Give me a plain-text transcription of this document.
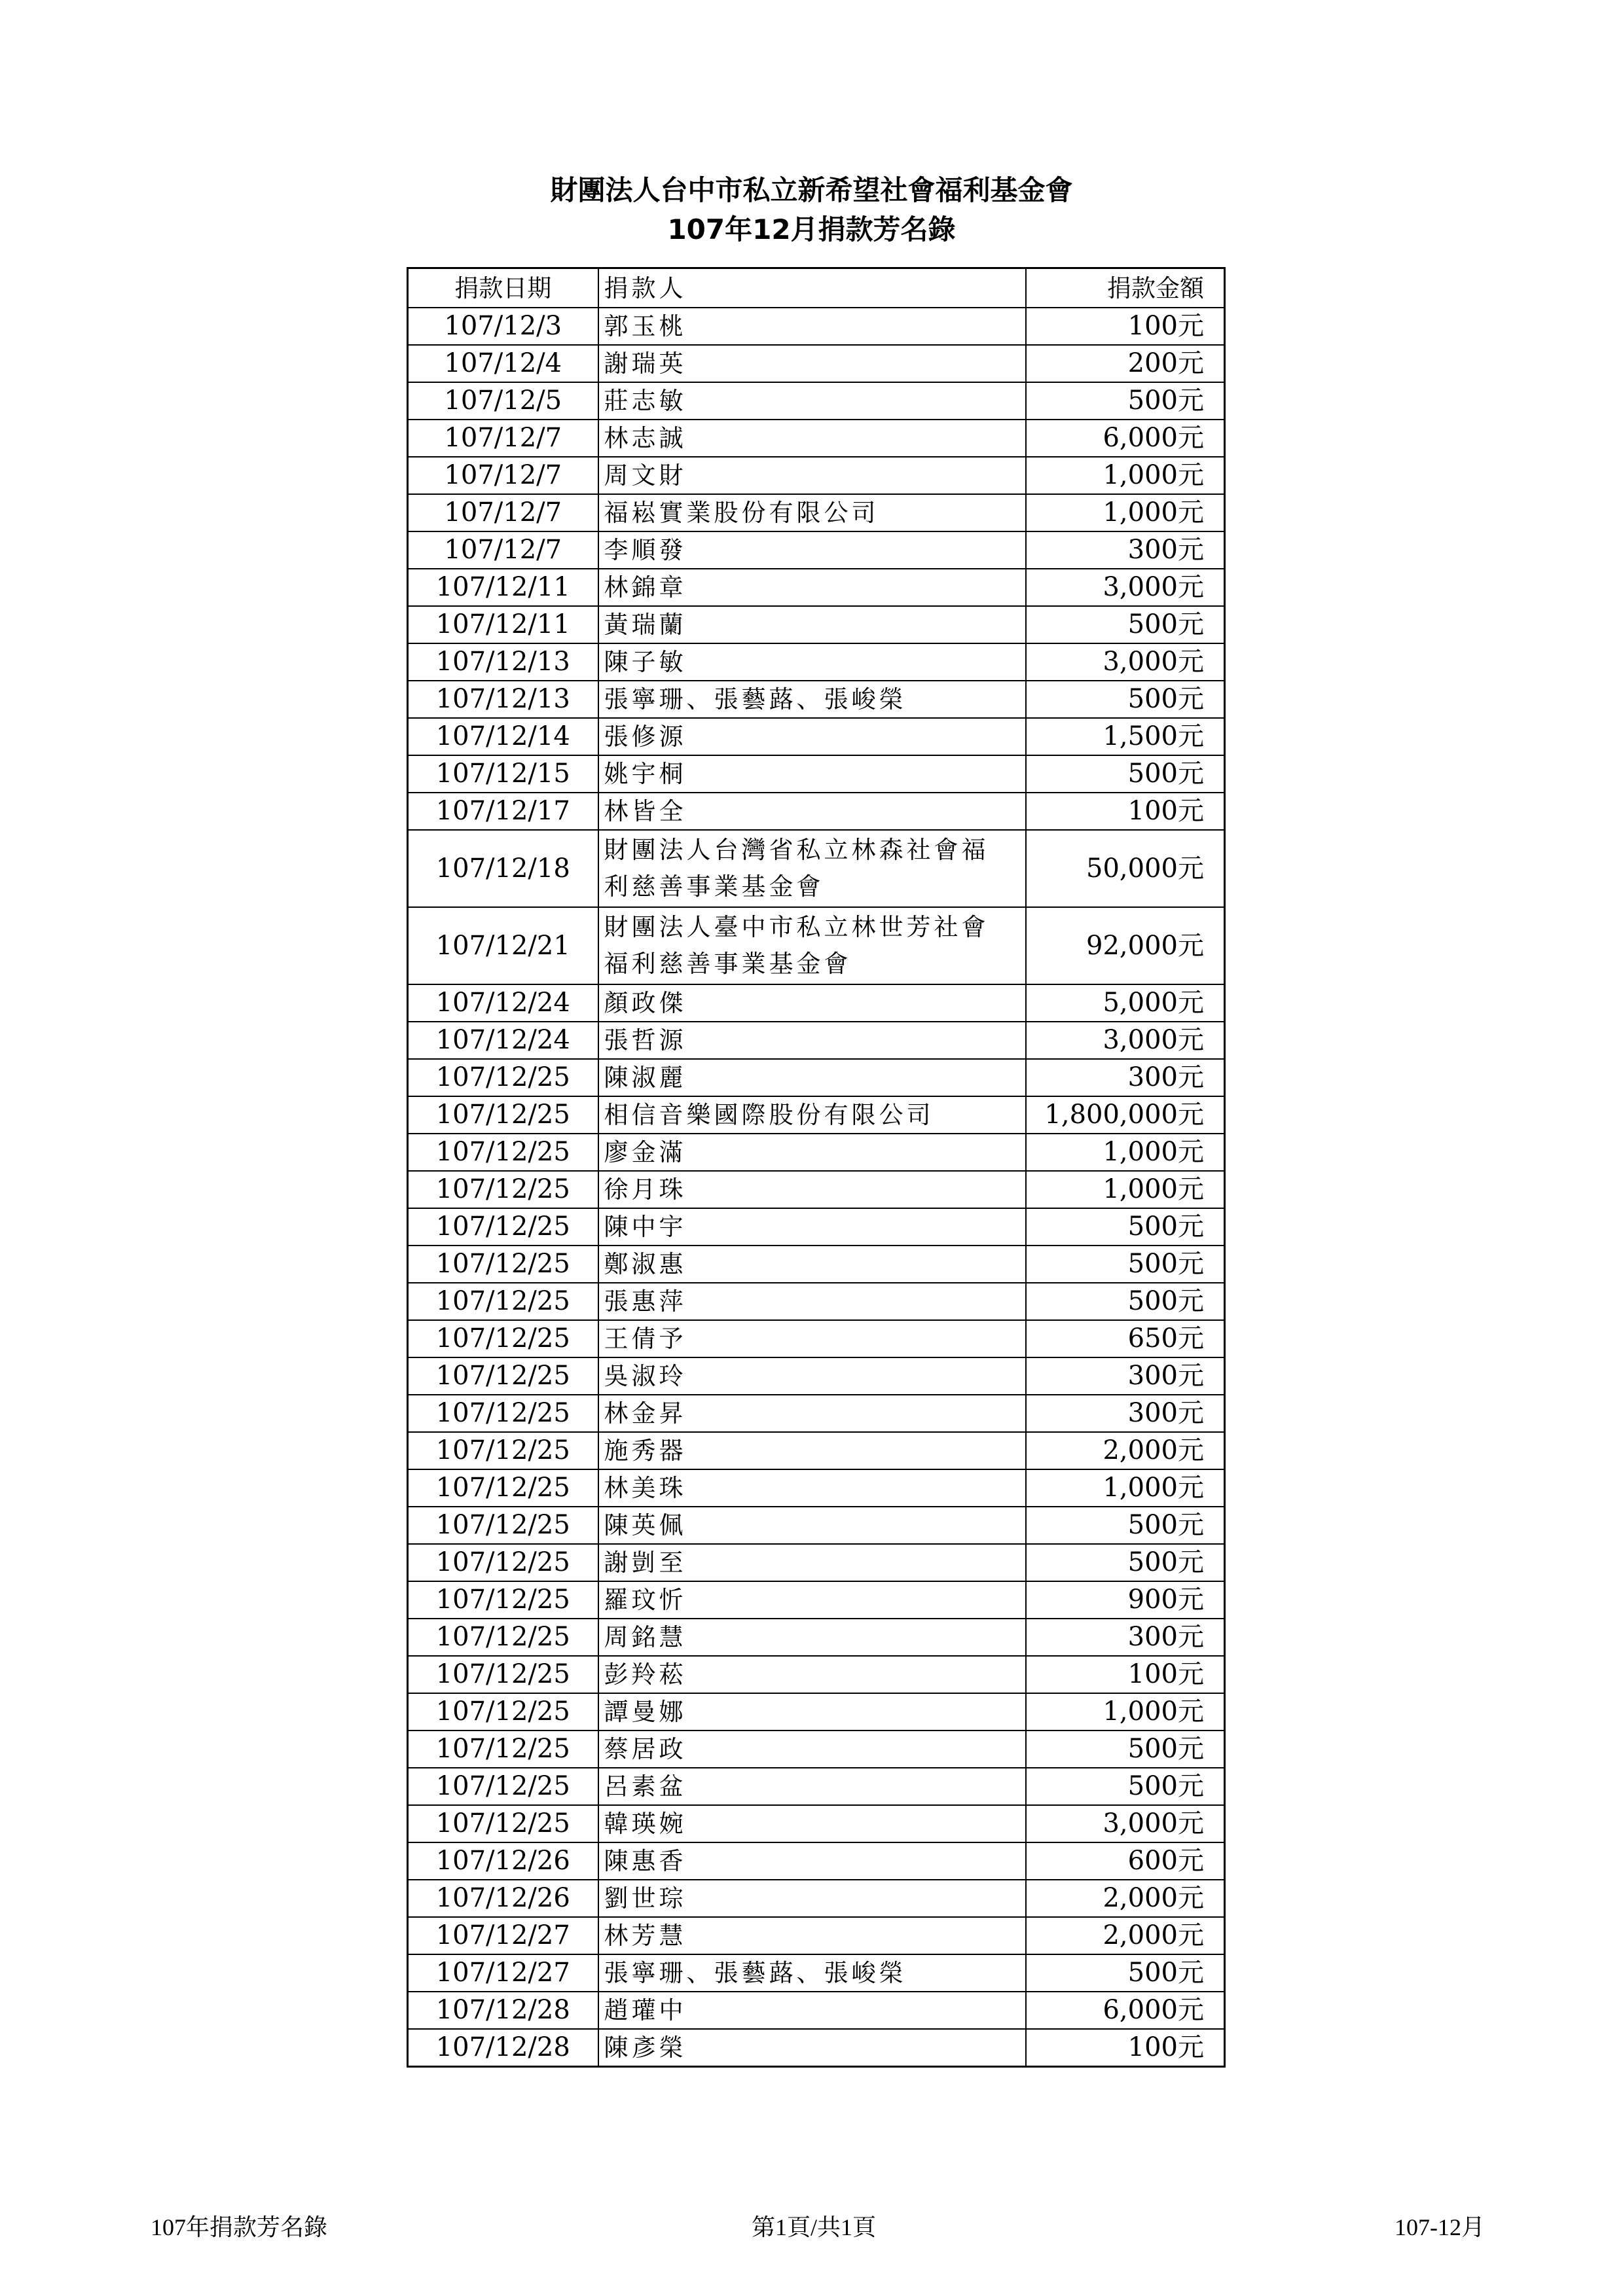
財團法人台中市私立新希望社會福利基金會
107年12月捐款芳名錄
捐款日期	捐款人	捐款金額
107/12/3	郭玉桃	100元
107/12/4	謝瑞英	200元
107/12/5	莊志敏	500元
107/12/7	林志誠	6,000元
107/12/7	周文財	1,000元
107/12/7	福崧實業股份有限公司	1,000元
107/12/7	李順發	300元
107/12/11	林錦章	3,000元
107/12/11	黃瑞蘭	500元
107/12/13	陳子敏	3,000元
107/12/13	張寧珊、張藝蕗、張峻榮	500元
107/12/14	張修源	1,500元
107/12/15	姚宇桐	500元
107/12/17	林皆全	100元
107/12/18	財團法人台灣省私立林森社會福利慈善事業基金會	50,000元
107/12/21	財團法人臺中市私立林世芳社會福利慈善事業基金會	92,000元
107/12/24	顏政傑	5,000元
107/12/24	張哲源	3,000元
107/12/25	陳淑麗	300元
107/12/25	相信音樂國際股份有限公司	1,800,000元
107/12/25	廖金滿	1,000元
107/12/25	徐月珠	1,000元
107/12/25	陳中宇	500元
107/12/25	鄭淑惠	500元
107/12/25	張惠萍	500元
107/12/25	王倩予	650元
107/12/25	吳淑玲	300元
107/12/25	林金昇	300元
107/12/25	施秀器	2,000元
107/12/25	林美珠	1,000元
107/12/25	陳英佩	500元
107/12/25	謝剴至	500元
107/12/25	羅玟忻	900元
107/12/25	周銘慧	300元
107/12/25	彭羚菘	100元
107/12/25	譚曼娜	1,000元
107/12/25	蔡居政	500元
107/12/25	呂素盆	500元
107/12/25	韓瑛婉	3,000元
107/12/26	陳惠香	600元
107/12/26	劉世琮	2,000元
107/12/27	林芳慧	2,000元
107/12/27	張寧珊、張藝蕗、張峻榮	500元
107/12/28	趙瓘中	6,000元
107/12/28	陳彥榮	100元
107年捐款芳名錄	第1頁/共1頁	107-12月
